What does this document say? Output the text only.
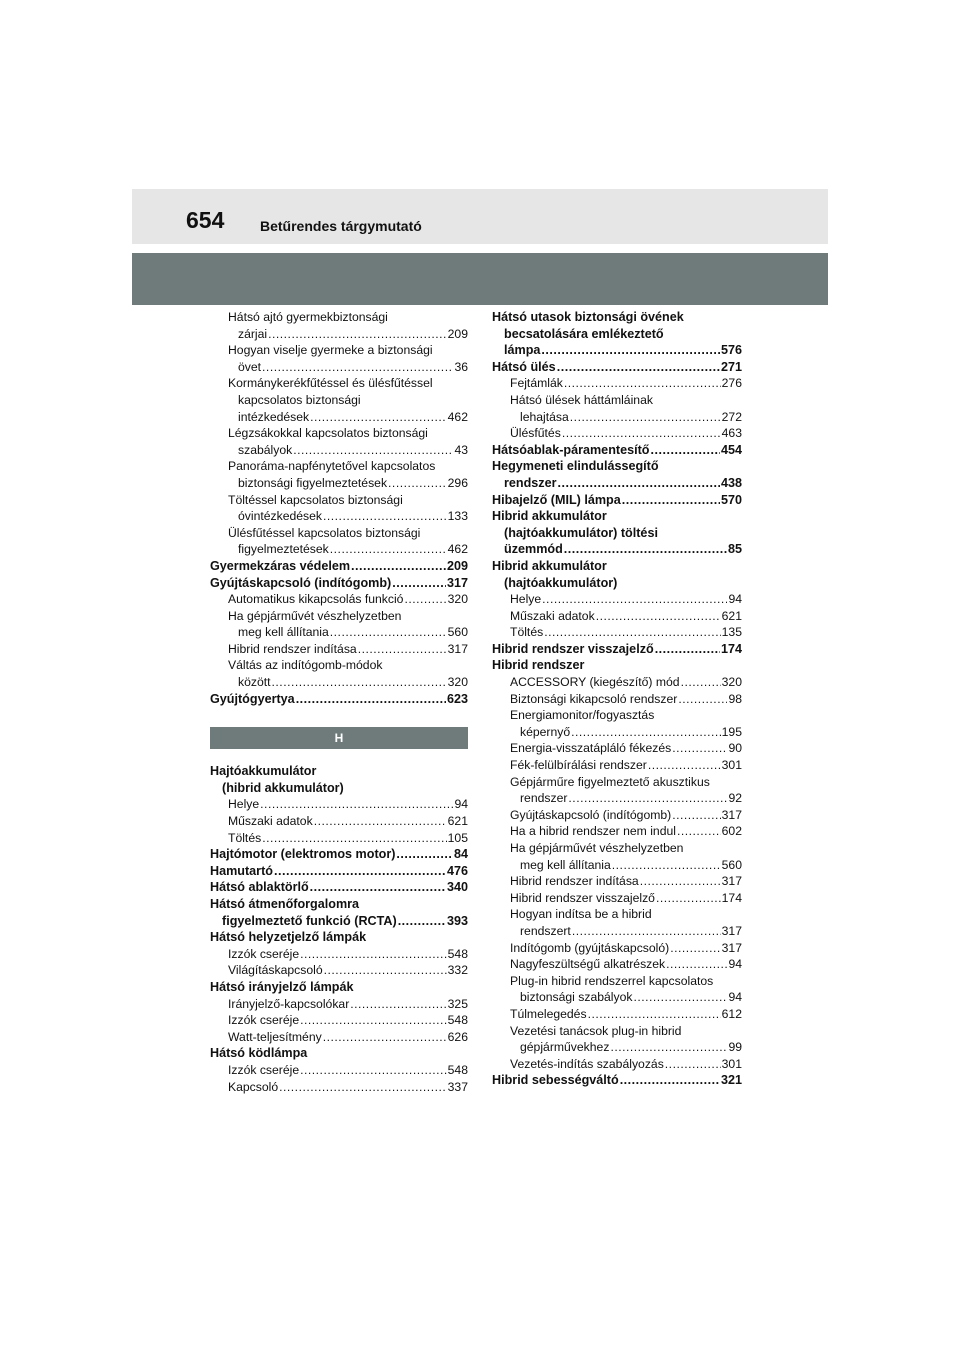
654	Betűrendes tárgymutató
Hátsó ajtó gyermekbiztonsági
zárjai .....	209
Hogyan viselje gyermeke a biztonsági
övet .....	36
Kormánykerékfűtéssel és ülésfűtéssel
kapcsolatos biztonsági
intézkedések .....	462
Légzsákokkal kapcsolatos biztonsági
szabályok .....	43
Panoráma-napfénytetővel kapcsolatos
biztonsági figyelmeztetések .....	296
Töltéssel kapcsolatos biztonsági
óvintézkedések .....	133
Ülésfűtéssel kapcsolatos biztonsági
figyelmeztetések .....	462
Gyermekzáras védelem .....	209
Gyújtáskapcsoló (indítógomb) .....	317
Automatikus kikapcsolás funkció .....	320
Ha gépjárművét vészhelyzetben
meg kell állítania .....	560
Hibrid rendszer indítása .....	317
Váltás az indítógomb-módok
között .....	320
Gyújtógyertya .....	623
H
Hajtóakkumulátor
(hibrid akkumulátor)
Helye .....	94
Műszaki adatok .....	621
Töltés .....	105
Hajtómotor (elektromos motor) .....	84
Hamutartó .....	476
Hátsó ablaktörlő .....	340
Hátsó átmenőforgalomra
figyelmeztető funkció (RCTA) .....	393
Hátsó helyzetjelző lámpák
Izzók cseréje .....	548
Világításkapcsoló .....	332
Hátsó irányjelző lámpák
Irányjelző-kapcsolókar .....	325
Izzók cseréje .....	548
Watt-teljesítmény .....	626
Hátsó ködlámpa
Izzók cseréje .....	548
Kapcsoló .....	337
Hátsó utasok biztonsági övének
becsatolására emlékeztető
lámpa .....	576
Hátsó ülés .....	271
Fejtámlák .....	276
Hátsó ülések háttámláinak
lehajtása .....	272
Ülésfűtés .....	463
Hátsóablak-páramentesítő .....	454
Hegymeneti elindulássegítő
rendszer .....	438
Hibajelző (MIL) lámpa .....	570
Hibrid akkumulátor
(hajtóakkumulátor) töltési
üzemmód .....	85
Hibrid akkumulátor
(hajtóakkumulátor)
Helye .....	94
Műszaki adatok .....	621
Töltés .....	135
Hibrid rendszer visszajelző .....	174
Hibrid rendszer
ACCESSORY (kiegészítő) mód .....	320
Biztonsági kikapcsoló rendszer .....	98
Energiamonitor/fogyasztás
képernyő .....	195
Energia-visszatápláló fékezés .....	90
Fék-felülbírálási rendszer .....	301
Gépjárműre figyelmeztető akusztikus
rendszer .....	92
Gyújtáskapcsoló (indítógomb) .....	317
Ha a hibrid rendszer nem indul .....	602
Ha gépjárművét vészhelyzetben
meg kell állítania .....	560
Hibrid rendszer indítása .....	317
Hibrid rendszer visszajelző .....	174
Hogyan indítsa be a hibrid
rendszert .....	317
Indítógomb (gyújtáskapcsoló) .....	317
Nagyfeszültségű alkatrészek .....	94
Plug-in hibrid rendszerrel kapcsolatos
biztonsági szabályok .....	94
Túlmelegedés .....	612
Vezetési tanácsok plug-in hibrid
gépjárművekhez .....	99
Vezetés-indítás szabályozás .....	301
Hibrid sebességváltó .....	321
